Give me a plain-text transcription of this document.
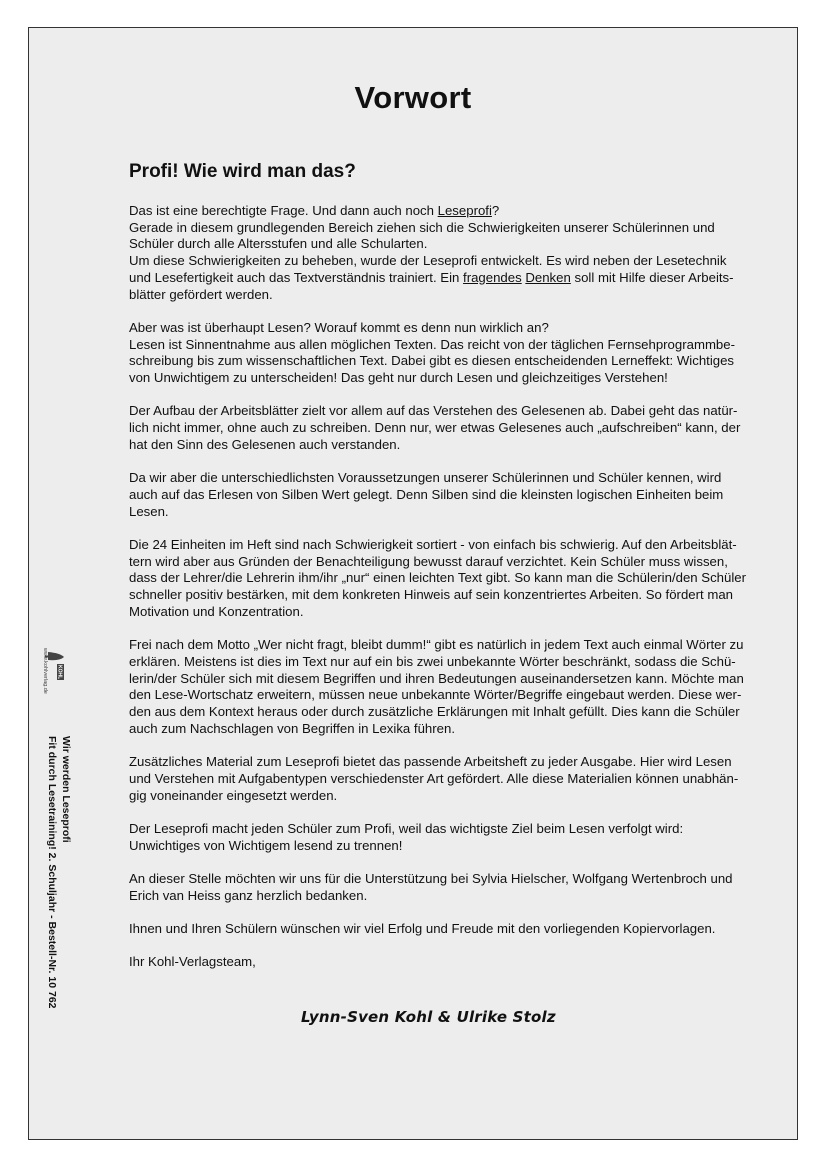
Vorwort
Profi! Wie wird man das?

Das ist eine berechtigte Frage. Und dann auch noch Leseprofi?
Gerade in diesem grundlegenden Bereich ziehen sich die Schwierigkeiten unserer Schülerinnen und
Schüler durch alle Altersstufen und alle Schularten.
Um diese Schwierigkeiten zu beheben, wurde der Leseprofi entwickelt. Es wird neben der Lesetechnik
und Lesefertigkeit auch das Textverständnis trainiert. Ein fragendes Denken soll mit Hilfe dieser Arbeits-
blätter gefördert werden.

Aber was ist überhaupt Lesen? Worauf kommt es denn nun wirklich an?
Lesen ist Sinnentnahme aus allen möglichen Texten. Das reicht von der täglichen Fernsehprogrammbe-
schreibung bis zum wissenschaftlichen Text. Dabei gibt es diesen entscheidenden Lerneffekt: Wichtiges
von Unwichtigem zu unterscheiden! Das geht nur durch Lesen und gleichzeitiges Verstehen!

Der Aufbau der Arbeitsblätter zielt vor allem auf das Verstehen des Gelesenen ab. Dabei geht das natür-
lich nicht immer, ohne auch zu schreiben. Denn nur, wer etwas Gelesenes auch „aufschreiben“ kann, der
hat den Sinn des Gelesenen auch verstanden.

Da wir aber die unterschiedlichsten Voraussetzungen unserer Schülerinnen und Schüler kennen, wird
auch auf das Erlesen von Silben Wert gelegt. Denn Silben sind die kleinsten logischen Einheiten beim
Lesen.

Die 24 Einheiten im Heft sind nach Schwierigkeit sortiert - von einfach bis schwierig. Auf den Arbeitsblät-
tern wird aber aus Gründen der Benachteiligung bewusst darauf verzichtet. Kein Schüler muss wissen,
dass der Lehrer/die Lehrerin ihm/ihr „nur“ einen leichten Text gibt. So kann man die Schülerin/den Schüler
schneller positiv bestärken, mit dem konkreten Hinweis auf sein konzentriertes Arbeiten. So fördert man
Motivation und Konzentration.

Frei nach dem Motto „Wer nicht fragt, bleibt dumm!“ gibt es natürlich in jedem Text auch einmal Wörter zu
erklären. Meistens ist dies im Text nur auf ein bis zwei unbekannte Wörter beschränkt, sodass die Schü-
lerin/der Schüler sich mit diesem Begriffen und ihren Bedeutungen auseinandersetzen kann. Möchte man
den Lese-Wortschatz erweitern, müssen neue unbekannte Wörter/Begriffe eingebaut werden. Diese wer-
den aus dem Kontext heraus oder durch zusätzliche Erklärungen mit Inhalt gefüllt. Dies kann die Schüler
auch zum Nachschlagen von Begriffen in Lexika führen.

Zusätzliches Material zum Leseprofi bietet das passende Arbeitsheft zu jeder Ausgabe. Hier wird Lesen
und Verstehen mit Aufgabentypen verschiedenster Art gefördert. Alle diese Materialien können unabhän-
gig voneinander eingesetzt werden.

Der Leseprofi macht jeden Schüler zum Profi, weil das wichtigste Ziel beim Lesen verfolgt wird:
Unwichtiges von Wichtigem lesend zu trennen!

An dieser Stelle möchten wir uns für die Unterstützung bei Sylvia Hielscher, Wolfgang Wertenbroch und
Erich van Heiss ganz herzlich bedanken.

Ihnen und Ihren Schülern wünschen wir viel Erfolg und Freude mit den vorliegenden Kopiervorlagen.

Ihr Kohl-Verlagsteam,

Lynn-Sven Kohl & Ulrike Stolz
KOHL
www.kohlverlag.de
Wir werden Leseprofi
Fit durch Lesetraining! 2. Schuljahr - Bestell-Nr. 10 762
